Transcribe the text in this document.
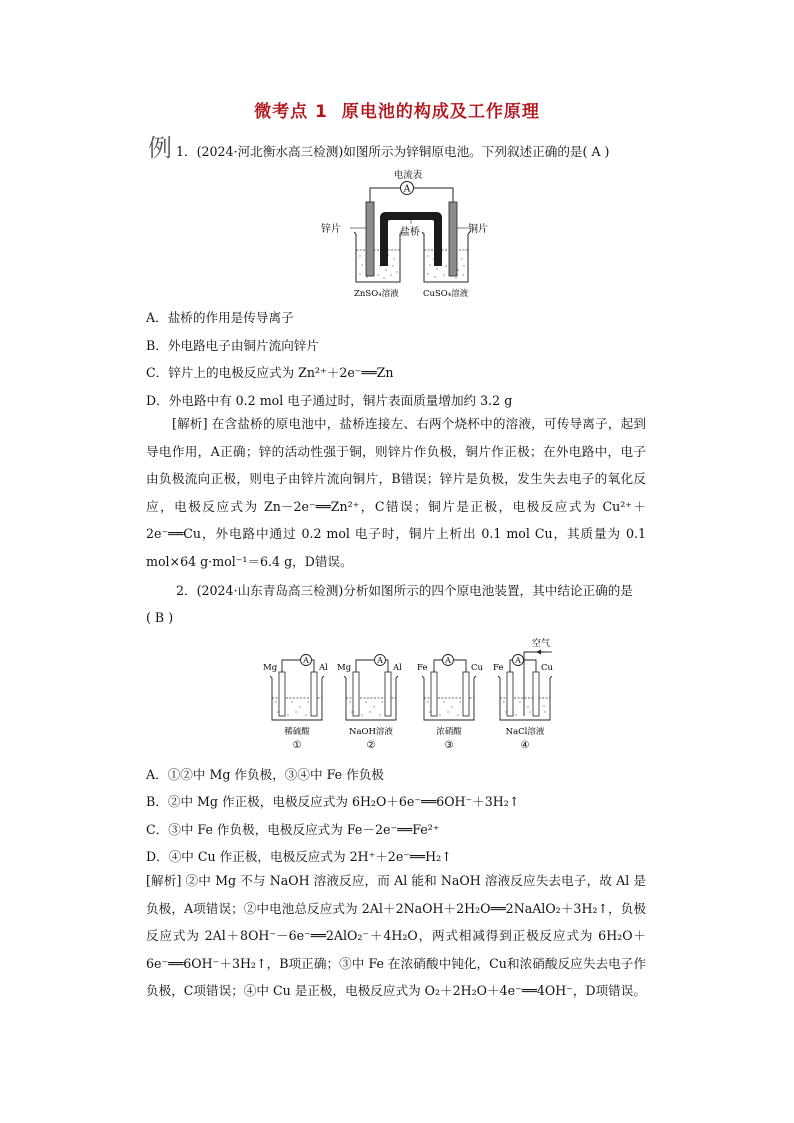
微考点 1 原电池的构成及工作原理
例 1．(2024·河北衡水高三检测)如图所示为锌铜原电池。下列叙述正确的是( A )
A
电流表
锌片	铜片
盐桥
ZnSO₄溶液	CuSO₄溶液
A．盐桥的作用是传导离子
B．外电路电子由铜片流向锌片
C．锌片上的电极反应式为 Zn²⁺＋2e⁻══Zn
D．外电路中有 0.2 mol 电子通过时，铜片表面质量增加约 3.2 g
[解析] 在含盐桥的原电池中，盐桥连接左、右两个烧杯中的溶液，可传导离子，起到导电作用，A正确；锌的活动性强于铜，则锌片作负极，铜片作正极；在外电路中，电子由负极流向正极，则电子由锌片流向铜片，B错误；锌片是负极，发生失去电子的氧化反应，电极反应式为 Zn－2e⁻══Zn²⁺，C错误；铜片是正极，电极反应式为 Cu²⁺＋2e⁻══Cu，外电路中通过 0.2 mol 电子时，铜片上析出 0.1 mol Cu，其质量为 0.1 mol×64 g·mol⁻¹＝6.4 g，D错误。
2．(2024·山东青岛高三检测)分析如图所示的四个原电池装置，其中结论正确的是
( B )
A
Mg	Al
稀硫酸
①
A
Mg	Al
NaOH溶液
②
A
Fe	Cu
浓硝酸
③
A
空气
Fe	Cu
NaCl溶液
④
A．①②中 Mg 作负极，③④中 Fe 作负极
B．②中 Mg 作正极，电极反应式为 6H₂O＋6e⁻══6OH⁻＋3H₂↑
C．③中 Fe 作负极，电极反应式为 Fe－2e⁻══Fe²⁺
D．④中 Cu 作正极，电极反应式为 2H⁺＋2e⁻══H₂↑
[解析] ②中 Mg 不与 NaOH 溶液反应，而 Al 能和 NaOH 溶液反应失去电子，故 Al 是负极，A项错误；②中电池总反应式为 2Al＋2NaOH＋2H₂O══2NaAlO₂＋3H₂↑，负极反应式为 2Al＋8OH⁻－6e⁻══2AlO₂⁻＋4H₂O，两式相减得到正极反应式为 6H₂O＋6e⁻══6OH⁻＋3H₂↑，B项正确；③中 Fe 在浓硝酸中钝化，Cu和浓硝酸反应失去电子作负极，C项错误；④中 Cu 是正极，电极反应式为 O₂＋2H₂O＋4e⁻══4OH⁻，D项错误。
